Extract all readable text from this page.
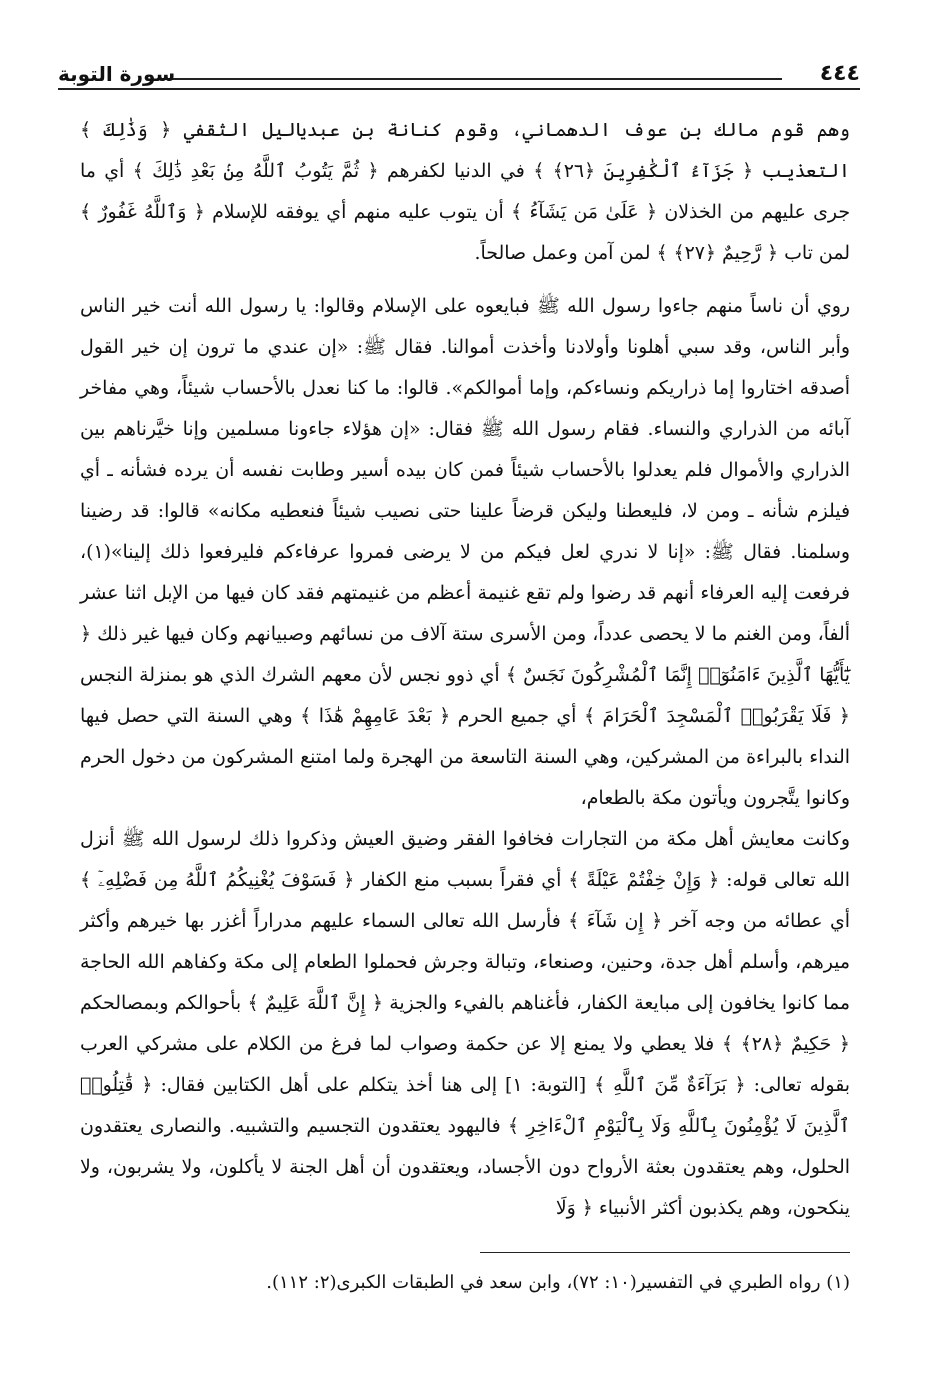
٤٤٤
سورة التوبة

وهم قوم مالك بن عوف الدهماني، وقوم كنانة بن عبدياليل الثقفي ﴿ وَذَٰلِكَ ﴾ التعذيب ﴿ جَزَآءُ ٱلْكَٰفِرِينَ ﴿٢٦﴾ ﴾ في الدنيا لكفرهم ﴿ ثُمَّ يَتُوبُ ٱللَّهُ مِنۢ بَعْدِ ذَٰلِكَ ﴾ أي ما جرى عليهم من الخذلان ﴿ عَلَىٰ مَن يَشَآءُ ﴾ أن يتوب عليه منهم أي يوفقه للإسلام ﴿ وَٱللَّهُ غَفُورٌ ﴾ لمن تاب ﴿ رَّحِيمٌ ﴿٢٧﴾ ﴾ لمن آمن وعمل صالحاً.

روي أن ناساً منهم جاءوا رسول الله ﷺ فبايعوه على الإسلام وقالوا: يا رسول الله أنت خير الناس وأبر الناس، وقد سبي أهلونا وأولادنا وأخذت أموالنا. فقال ﷺ: «إن عندي ما ترون إن خير القول أصدقه اختاروا إما ذراريكم ونساءكم، وإما أموالكم». قالوا: ما كنا نعدل بالأحساب شيئاً، وهي مفاخر آبائه من الذراري والنساء. فقام رسول الله ﷺ فقال: «إن هؤلاء جاءونا مسلمين وإنا خيَّرناهم بين الذراري والأموال فلم يعدلوا بالأحساب شيئاً فمن كان بيده أسير وطابت نفسه أن يرده فشأنه ـ أي فيلزم شأنه ـ ومن لا، فليعطنا وليكن قرضاً علينا حتى نصيب شيئاً فنعطيه مكانه» قالوا: قد رضينا وسلمنا. فقال ﷺ: «إنا لا ندري لعل فيكم من لا يرضى فمروا عرفاءكم فليرفعوا ذلك إلينا»(١)، فرفعت إليه العرفاء أنهم قد رضوا ولم تقع غنيمة أعظم من غنيمتهم فقد كان فيها من الإبل اثنا عشر ألفاً، ومن الغنم ما لا يحصى عدداً، ومن الأسرى ستة آلاف من نسائهم وصبيانهم وكان فيها غير ذلك ﴿ يَٰٓأَيُّهَا ٱلَّذِينَ ءَامَنُوٓا۟ إِنَّمَا ٱلْمُشْرِكُونَ نَجَسٌ ﴾ أي ذوو نجس لأن معهم الشرك الذي هو بمنزلة النجس ﴿ فَلَا يَقْرَبُوا۟ ٱلْمَسْجِدَ ٱلْحَرَامَ ﴾ أي جميع الحرم ﴿ بَعْدَ عَامِهِمْ هَٰذَا ﴾ وهي السنة التي حصل فيها النداء بالبراءة من المشركين، وهي السنة التاسعة من الهجرة ولما امتنع المشركون من دخول الحرم وكانوا يتَّجرون ويأتون مكة بالطعام،

وكانت معايش أهل مكة من التجارات فخافوا الفقر وضيق العيش وذكروا ذلك لرسول الله ﷺ أنزل الله تعالى قوله: ﴿ وَإِنْ خِفْتُمْ عَيْلَةً ﴾ أي فقراً بسبب منع الكفار ﴿ فَسَوْفَ يُغْنِيكُمُ ٱللَّهُ مِن فَضْلِهِۦٓ ﴾ أي عطائه من وجه آخر ﴿ إِن شَآءَ ﴾ فأرسل الله تعالى السماء عليهم مدراراً أغزر بها خيرهم وأكثر ميرهم، وأسلم أهل جدة، وحنين، وصنعاء، وتبالة وجرش فحملوا الطعام إلى مكة وكفاهم الله الحاجة مما كانوا يخافون إلى مبايعة الكفار، فأغناهم بالفيء والجزية ﴿ إِنَّ ٱللَّهَ عَلِيمٌ ﴾ بأحوالكم وبمصالحكم ﴿ حَكِيمٌ ﴿٢٨﴾ ﴾ فلا يعطي ولا يمنع إلا عن حكمة وصواب لما فرغ من الكلام على مشركي العرب بقوله تعالى: ﴿ بَرَآءَةٌ مِّنَ ٱللَّهِ ﴾ [التوبة: ١] إلى هنا أخذ يتكلم على أهل الكتابين فقال: ﴿ قَٰتِلُوا۟ ٱلَّذِينَ لَا يُؤْمِنُونَ بِٱللَّهِ وَلَا بِٱلْيَوْمِ ٱلْءَاخِرِ ﴾ فاليهود يعتقدون التجسيم والتشبيه. والنصارى يعتقدون الحلول، وهم يعتقدون بعثة الأرواح دون الأجساد، ويعتقدون أن أهل الجنة لا يأكلون، ولا يشربون، ولا ينكحون، وهم يكذبون أكثر الأنبياء ﴿ وَلَا

(١) رواه الطبري في التفسير(١٠: ٧٢)، وابن سعد في الطبقات الكبرى(٢: ١١٢).
